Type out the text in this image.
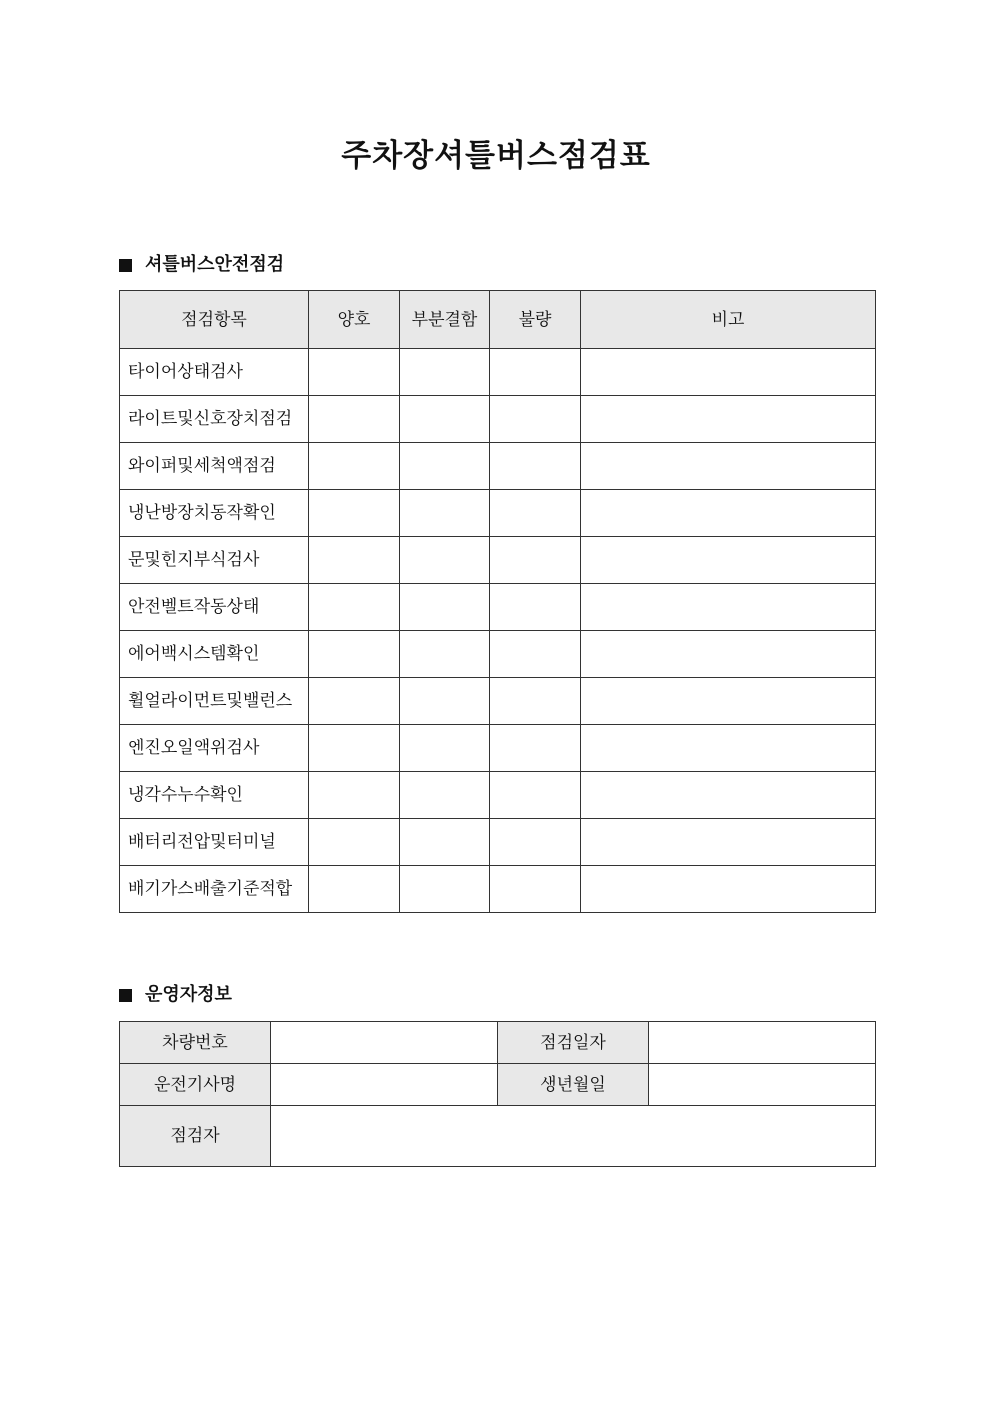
주차장셔틀버스점검표
셔틀버스안전점검
점검항목	양호	부분결함	불량	비고
타이어상태검사				
라이트및신호장치점검				
와이퍼및세척액점검				
냉난방장치동작확인				
문및힌지부식검사				
안전벨트작동상태				
에어백시스템확인				
휠얼라이먼트및밸런스				
엔진오일액위검사				
냉각수누수확인				
배터리전압및터미널				
배기가스배출기준적합				
운영자정보
차량번호		점검일자	
운전기사명		생년월일	
점검자			
